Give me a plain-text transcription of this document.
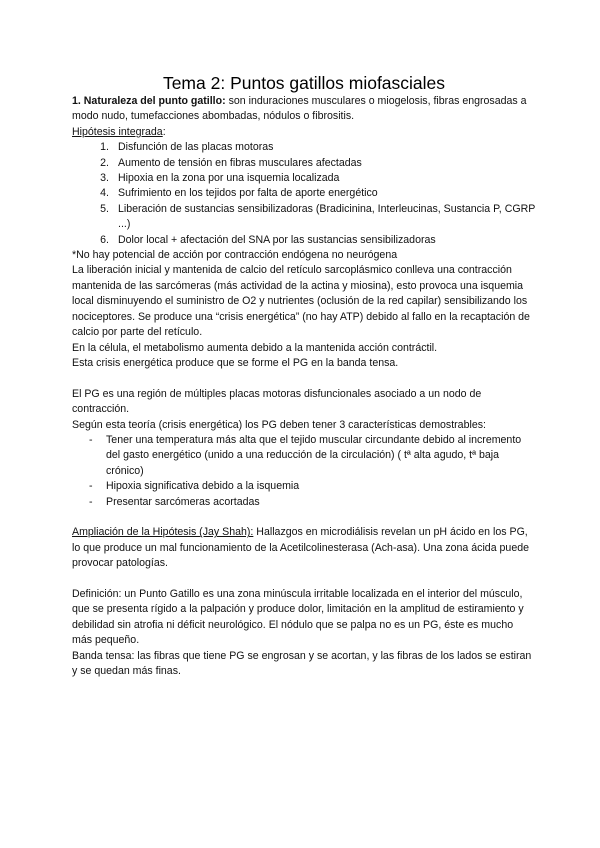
Tema 2: Puntos gatillos miofasciales

1. Naturaleza del punto gatillo: son induraciones musculares o miogelosis, fibras engrosadas a modo nudo, tumefacciones abombadas, nódulos o fibrositis.

Hipótesis integrada:

1. Disfunción de las placas motoras
2. Aumento de tensión en fibras musculares afectadas
3. Hipoxia en la zona por una isquemia localizada
4. Sufrimiento en los tejidos por falta de aporte energético
5. Liberación de sustancias sensibilizadoras (Bradicinina, Interleucinas, Sustancia P, CGRP ...)
6. Dolor local + afectación del SNA por las sustancias sensibilizadoras

*No hay potencial de acción por contracción endógena no neurógena

La liberación inicial y mantenida de calcio del retículo sarcoplásmico conlleva una contracción mantenida de las sarcómeras (más actividad de la actina y miosina), esto provoca una isquemia local disminuyendo el suministro de O2 y nutrientes (oclusión de la red capilar) sensibilizando los nociceptores. Se produce una “crisis energética” (no hay ATP) debido al fallo en la recaptación de calcio por parte del retículo.

En la célula, el metabolismo aumenta debido a la mantenida acción contráctil.

Esta crisis energética produce que se forme el PG en la banda tensa.

El PG es una región de múltiples placas motoras disfuncionales asociado a un nodo de contracción.

Según esta teoría (crisis energética) los PG deben tener 3 características demostrables:

- Tener una temperatura más alta que el tejido muscular circundante debido al incremento del gasto energético (unido a una reducción de la circulación) ( tª alta agudo, tª baja crónico)
- Hipoxia significativa debido a la isquemia
- Presentar sarcómeras acortadas

Ampliación de la Hipótesis (Jay Shah): Hallazgos en microdiálisis revelan un pH ácido en los PG, lo que produce un mal funcionamiento de la Acetilcolinesterasa (Ach-asa). Una zona ácida puede provocar patologías.

Definición: un Punto Gatillo es una zona minúscula irritable localizada en el interior del músculo, que se presenta rígido a la palpación y produce dolor, limitación en la amplitud de estiramiento y debilidad sin atrofia ni déficit neurológico. El nódulo que se palpa no es un PG, éste es mucho más pequeño.

Banda tensa: las fibras que tiene PG se engrosan y se acortan, y las fibras de los lados se estiran y se quedan más finas.
